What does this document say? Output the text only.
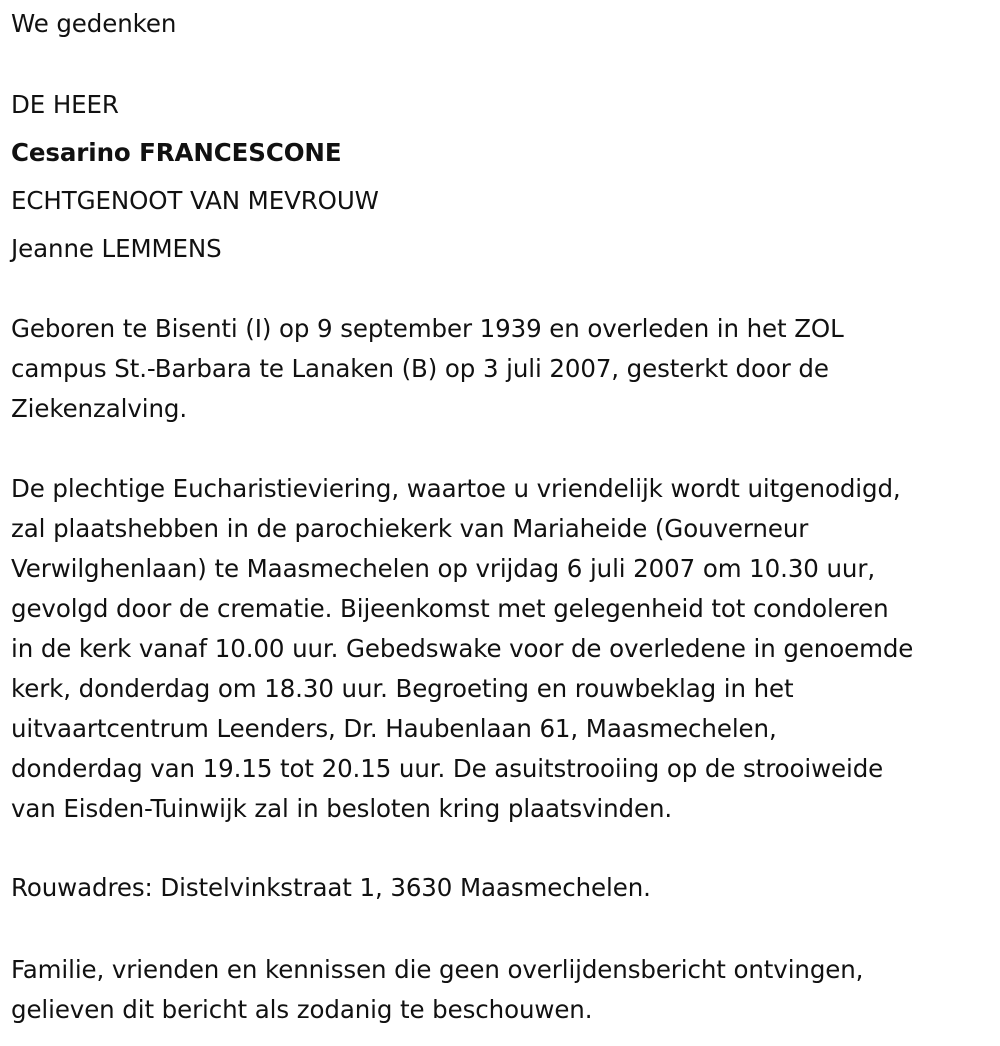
We gedenken
DE HEER
Cesarino FRANCESCONE
ECHTGENOOT VAN MEVROUW
Jeanne LEMMENS
Geboren te Bisenti (I) op 9 september 1939 en overleden in het ZOL
campus St.-Barbara te Lanaken (B) op 3 juli 2007, gesterkt door de
Ziekenzalving.
De plechtige Eucharistieviering, waartoe u vriendelijk wordt uitgenodigd,
zal plaatshebben in de parochiekerk van Mariaheide (Gouverneur
Verwilghenlaan) te Maasmechelen op vrijdag 6 juli 2007 om 10.30 uur,
gevolgd door de crematie. Bijeenkomst met gelegenheid tot condoleren
in de kerk vanaf 10.00 uur. Gebedswake voor de overledene in genoemde
kerk, donderdag om 18.30 uur. Begroeting en rouwbeklag in het
uitvaartcentrum Leenders, Dr. Haubenlaan 61, Maasmechelen,
donderdag van 19.15 tot 20.15 uur. De asuitstrooiing op de strooiweide
van Eisden-Tuinwijk zal in besloten kring plaatsvinden.
Rouwadres: Distelvinkstraat 1, 3630 Maasmechelen.
Familie, vrienden en kennissen die geen overlijdensbericht ontvingen,
gelieven dit bericht als zodanig te beschouwen.
